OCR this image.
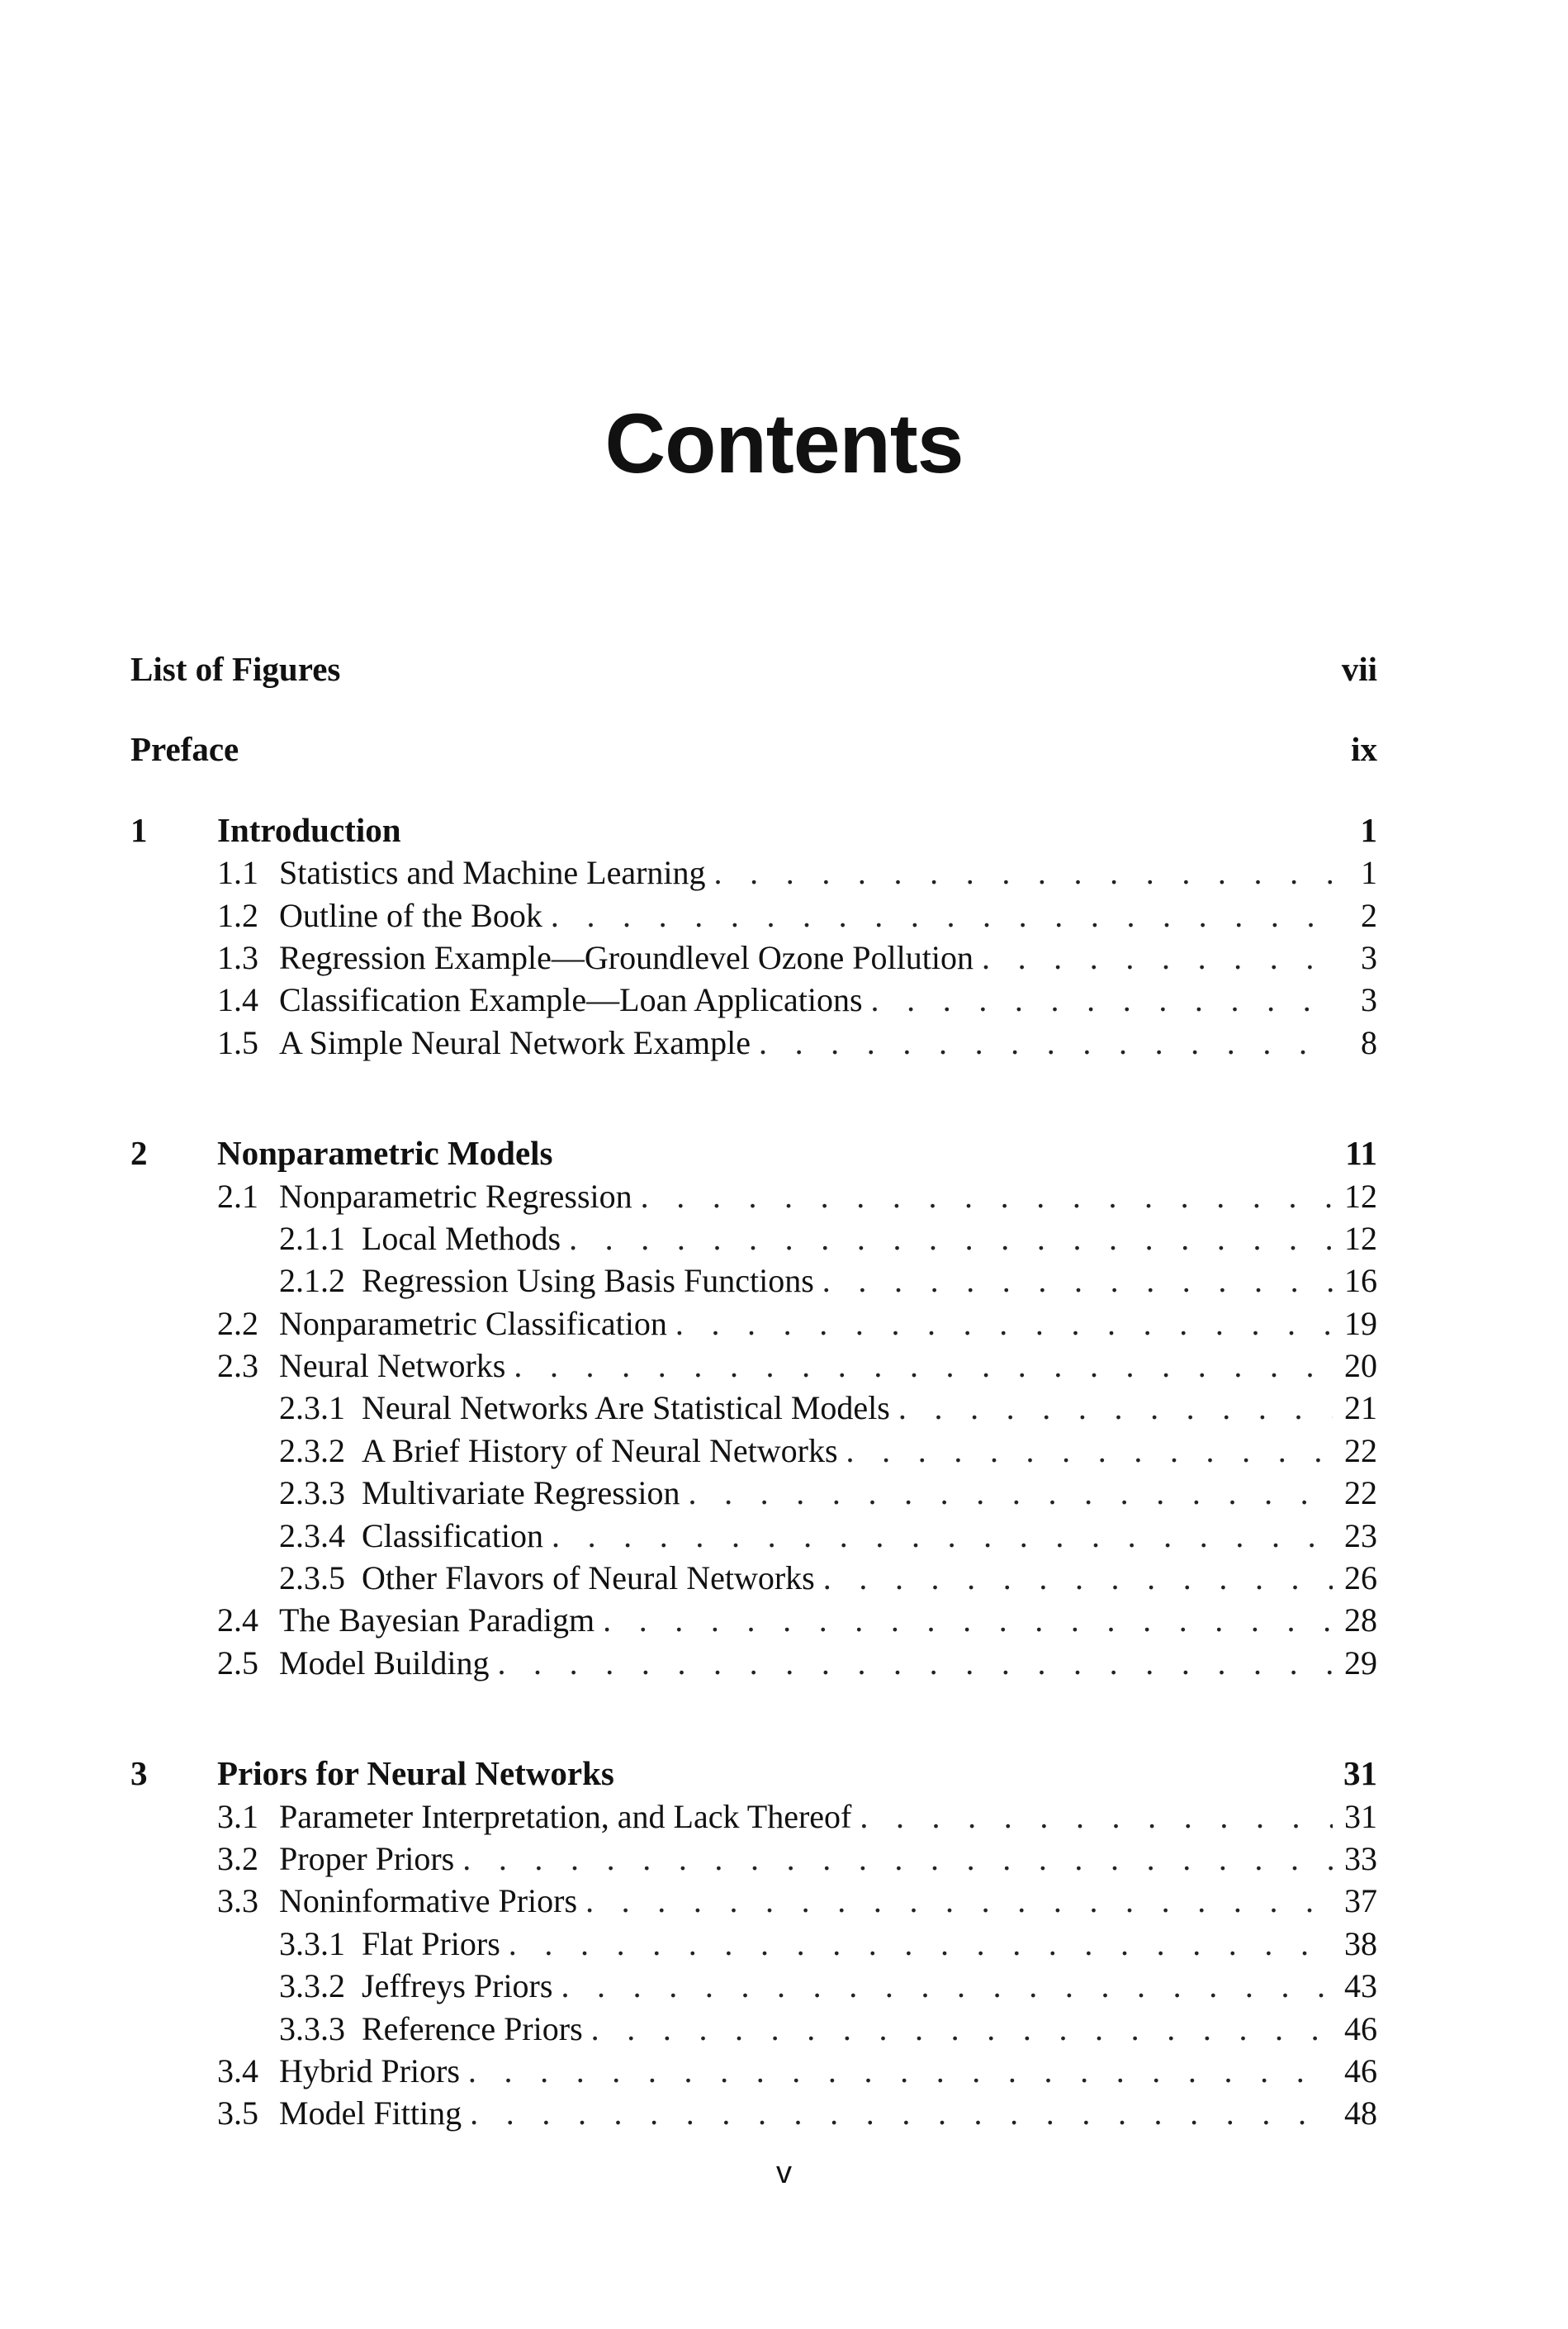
Contents
List of Figures	vii
Preface	ix
1	Introduction	1
1.1 Statistics and Machine Learning . . .	1
1.2 Outline of the Book . . .	2
1.3 Regression Example—Groundlevel Ozone Pollution . . .	3
1.4 Classification Example—Loan Applications . . .	3
1.5 A Simple Neural Network Example . . .	8
2	Nonparametric Models	11
2.1 Nonparametric Regression . . .	12
2.1.1 Local Methods . . .	12
2.1.2 Regression Using Basis Functions . . .	16
2.2 Nonparametric Classification . . .	19
2.3 Neural Networks . . .	20
2.3.1 Neural Networks Are Statistical Models . . .	21
2.3.2 A Brief History of Neural Networks . . .	22
2.3.3 Multivariate Regression . . .	22
2.3.4 Classification . . .	23
2.3.5 Other Flavors of Neural Networks . . .	26
2.4 The Bayesian Paradigm . . .	28
2.5 Model Building . . .	29
3	Priors for Neural Networks	31
3.1 Parameter Interpretation, and Lack Thereof . . .	31
3.2 Proper Priors . . .	33
3.3 Noninformative Priors . . .	37
3.3.1 Flat Priors . . .	38
3.3.2 Jeffreys Priors . . .	43
3.3.3 Reference Priors . . .	46
3.4 Hybrid Priors . . .	46
3.5 Model Fitting . . .	48
v
